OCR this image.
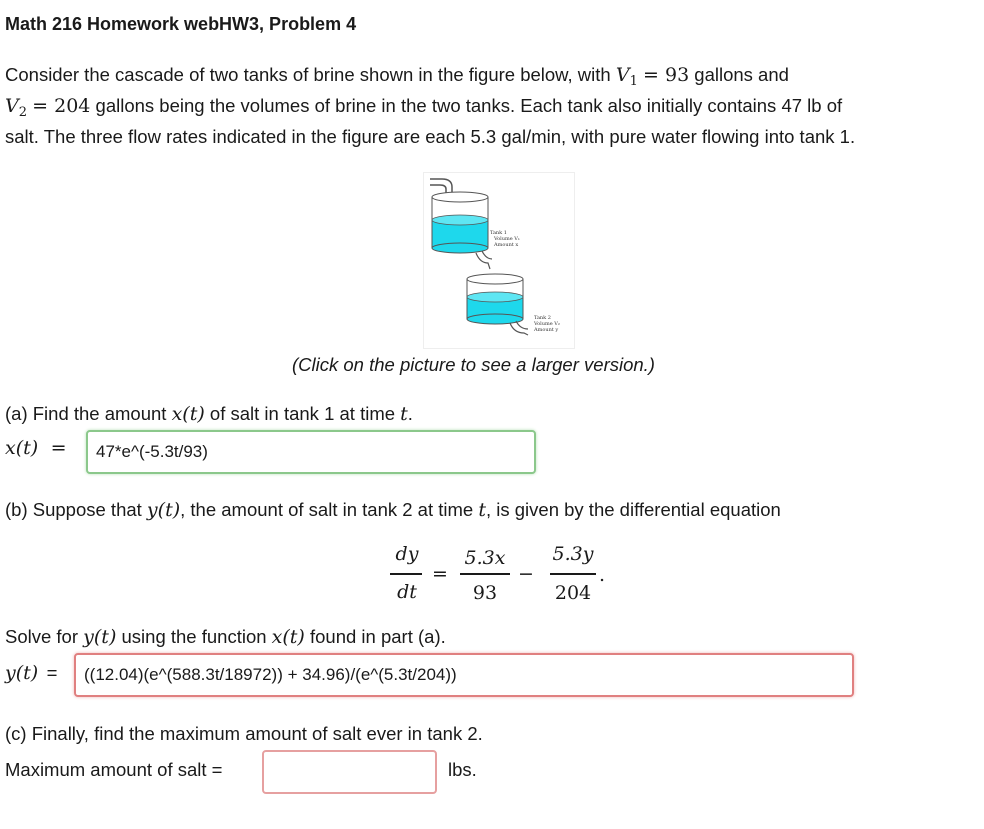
Math 216 Homework webHW3, Problem 4
Consider the cascade of two tanks of brine shown in the figure below, with $V_1 = 93$ gallons and
$V_2 = 204$ gallons being the volumes of brine in the two tanks. Each tank also initially contains 47 lb of
salt. The three flow rates indicated in the figure are each 5.3 gal/min, with pure water flowing into tank 1.
Tank 1
Volume V₁
Amount x
Tank 2
Volume V₂
Amount y
(Click on the picture to see a larger version.)
(a) Find the amount x(t) of salt in tank 1 at time t.
x(t) =	47*e^(-5.3t/93)
(b) Suppose that y(t), the amount of salt in tank 2 at time t, is given by the differential equation
dy
dt
=
5.3x
93
−
5.3y
204
.
Solve for y(t) using the function x(t) found in part (a).
y(t) =	((12.04)(e^(588.3t/18972)) + 34.96)/(e^(5.3t/204))
(c) Finally, find the maximum amount of salt ever in tank 2.
Maximum amount of salt =	lbs.
